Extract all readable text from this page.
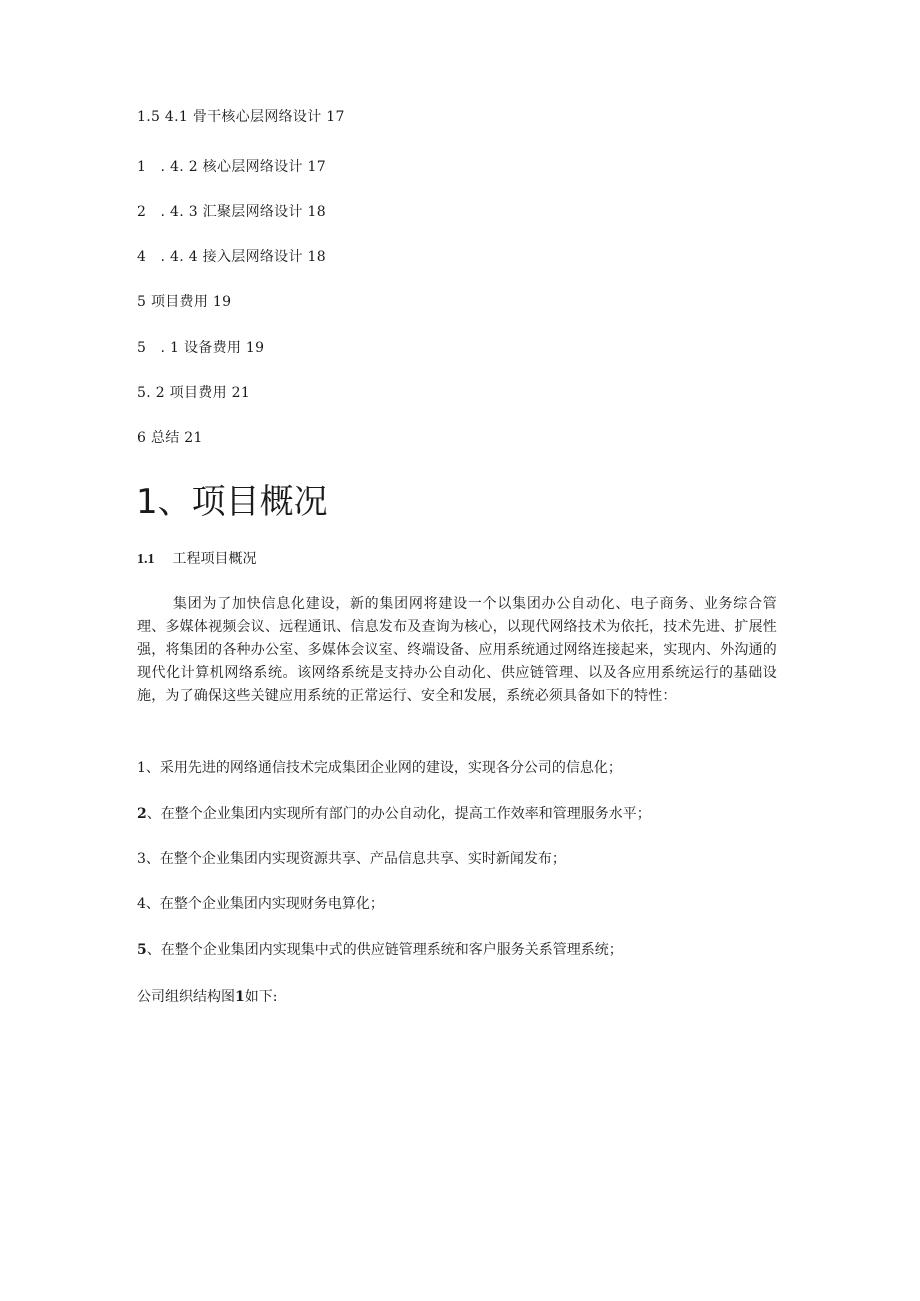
1.5 4.1 骨干核心层网络设计 17
1　. 4. 2 核心层网络设计 17
2　. 4. 3 汇聚层网络设计 18
4　. 4. 4 接入层网络设计 18
5 项目费用 19
5　. 1 设备费用 19
5. 2 项目费用 21
6 总结 21
1、项目概况
1.1 工程项目概况

集团为了加快信息化建设，新的集团网将建设一个以集团办公自动化、电子商务、业务综合管理、多媒体视频会议、远程通讯、信息发布及查询为核心，以现代网络技术为依托，技术先进、扩展性强，将集团的各种办公室、多媒体会议室、终端设备、应用系统通过网络连接起来，实现内、外沟通的现代化计算机网络系统。该网络系统是支持办公自动化、供应链管理、以及各应用系统运行的基础设施，为了确保这些关键应用系统的正常运行、安全和发展，系统必须具备如下的特性：

1、采用先进的网络通信技术完成集团企业网的建设，实现各分公司的信息化；
2、在整个企业集团内实现所有部门的办公自动化，提高工作效率和管理服务水平；
3、在整个企业集团内实现资源共享、产品信息共享、实时新闻发布；
4、在整个企业集团内实现财务电算化；
5、在整个企业集团内实现集中式的供应链管理系统和客户服务关系管理系统；
公司组织结构图1如下:
